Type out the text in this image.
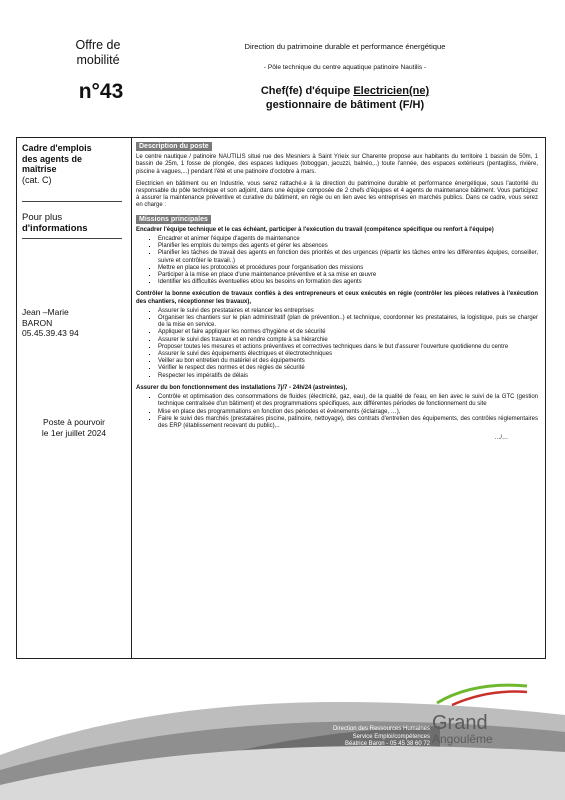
Offre de
mobilité
n°43
Direction du patrimoine durable et performance énergétique
- Pôle technique du centre aquatique patinoire Nautilis -
Chef(fe) d'équipe Electricien(ne)
gestionnaire de bâtiment (F/H)
Cadre d'emplois
des agents de
maîtrise
(cat. C)
Pour plus
d'informations
Jean –Marie
BARON
05.45.39.43 94
Poste à pourvoir
le 1er juillet 2024
Description du poste

Le centre nautique / patinoire NAUTILIS situé rue des Mesniers à Saint Yrieix sur Charente propose aux habitants du territoire 1 bassin de 50m, 1 bassin de 25m, 1 fosse de plongée, des espaces ludiques (toboggan, jacuzzi, balnéo,..) toute l'année, des espaces extérieurs (pentagliss, rivière, piscine à vagues,...) pendant l'été et une patinoire d'octobre à mars.

Electricien en bâtiment ou en Industrie, vous serez rattaché.e à la direction du patrimoine durable et performance énergétique, sous l'autorité du responsable du pôle technique et son adjoint, dans une équipe composée de 2 chefs d'équipes et 4 agents de maintenance bâtiment. Vous participez à assurer la maintenance préventive et curative du bâtiment, en régie ou en lien avec les entreprises en marchés publics. Dans ce cadre, vous serez en charge :

Missions principales

Encadrer l'équipe technique et le cas échéant, participer à l'exécution du travail (compétence spécifique ou renfort à l'équipe)

▪ Encadrer et animer l'équipe d'agents de maintenance
▪ Planifier les emplois du temps des agents et gérer les absences
▪ Planifier les tâches de travail des agents en fonction des priorités et des urgences (répartir les tâches entre les différentes équipes, conseiller, suivre et contrôler le travail..)
▪ Mettre en place les protocoles et procédures pour l'organisation des missions
▪ Participer à la mise en place d'une maintenance préventive et à sa mise en œuvre
▪ Identifier les difficultés éventuelles et/ou les besoins en formation des agents

Contrôler la bonne exécution de travaux confiés à des entrepreneurs et ceux exécutés en régie (contrôler les pièces relatives à l'exécution des chantiers, réceptionner les travaux),

▪ Assurer le suivi des prestataires et relancer les entreprises
▪ Organiser les chantiers sur le plan administratif (plan de prévention..) et technique, coordonner les prestataires, la logistique, puis se charger de la mise en service.
▪ Appliquer et faire appliquer les normes d'hygiène et de sécurité
▪ Assurer le suivi des travaux et en rendre compte à sa hiérarchie
▪ Proposer toutes les mesures et actions préventives et correctives techniques dans le but d'assurer l'ouverture quotidienne du centre
▪ Assurer le suivi des équipements électriques et électrotechniques
▪ Veiller au bon entretien du matériel et des équipements
▪ Vérifier le respect des normes et des règles de sécurité
▪ Respecter les impératifs de délais

Assurer du bon fonctionnement des installations 7j/7 - 24h/24 (astreintes),

▪ Contrôle et optimisation des consommations de fluides (électricité, gaz, eau), de la qualité de l'eau, en lien avec le suivi de la GTC (gestion technique centralisée d'un bâtiment) et des programmations spécifiques, aux différentes périodes de fonctionnement du site
▪ Mise en place des programmations en fonction des périodes et évènements (éclairage, …),
▪ Faire le suivi des marchés (prestataires piscine, patinoire, nettoyage), des contrats d'entretien des équipements, des contrôles réglementaires des ERP (établissement recevant du public),..
…/…
Direction des Ressources Humaines
Service Emploi/compétences
Béatrice Baron - 05 45 38 60 72
Grand
Angoulême
